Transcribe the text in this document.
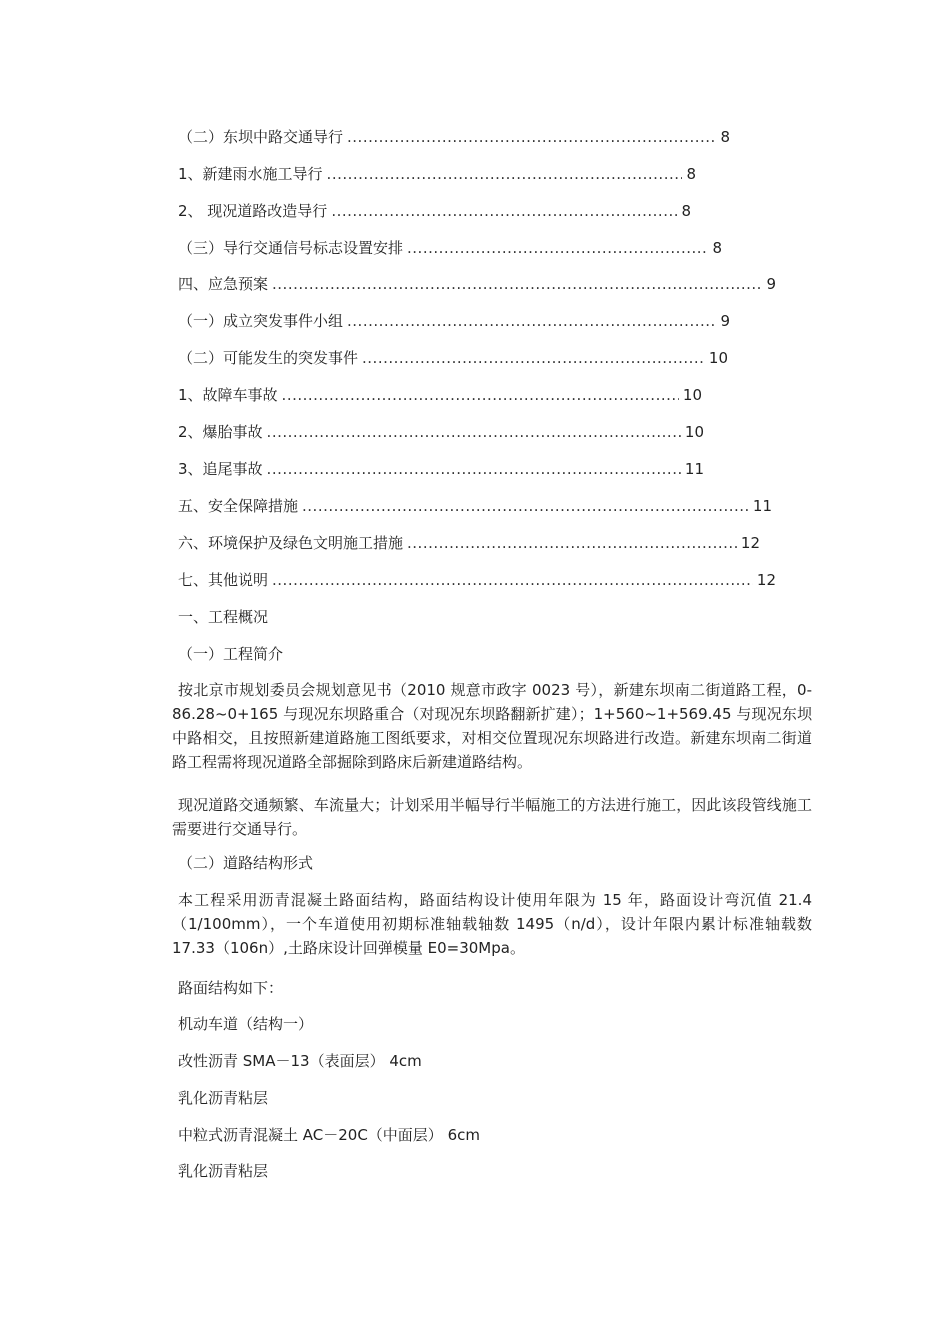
（二）东坝中路交通导行 .....	8
1、新建雨水施工导行 .....	8
2、 现况道路改造导行 .....	8
（三）导行交通信号标志设置安排 .....	8
四、应急预案 .....	9
（一）成立突发事件小组 .....	9
（二）可能发生的突发事件 .....	10
1、故障车事故 .....	10
2、爆胎事故 .....	10
3、追尾事故 .....	11
五、安全保障措施 .....	11
六、环境保护及绿色文明施工措施 .....	12
七、其他说明 .....	12
一、工程概况
（一）工程简介
按北京市规划委员会规划意见书（2010 规意市政字 0023 号），新建东坝南二街道路工程，0-86.28~0+165 与现况东坝路重合（对现况东坝路翻新扩建）；1+560~1+569.45 与现况东坝中路相交，且按照新建道路施工图纸要求，对相交位置现况东坝路进行改造。新建东坝南二街道路工程需将现况道路全部掘除到路床后新建道路结构。
现况道路交通频繁、车流量大；计划采用半幅导行半幅施工的方法进行施工，因此该段管线施工需要进行交通导行。
（二）道路结构形式
本工程采用沥青混凝土路面结构，路面结构设计使用年限为 15 年，路面设计弯沉值 21.4（1/100mm），一个车道使用初期标准轴载轴数 1495（n/d），设计年限内累计标准轴载数 17.33（106n）,土路床设计回弹模量 E0=30Mpa。
路面结构如下：
机动车道（结构一）
改性沥青 SMA－13（表面层） 4cm
乳化沥青粘层
中粒式沥青混凝土 AC－20C（中面层） 6cm
乳化沥青粘层
